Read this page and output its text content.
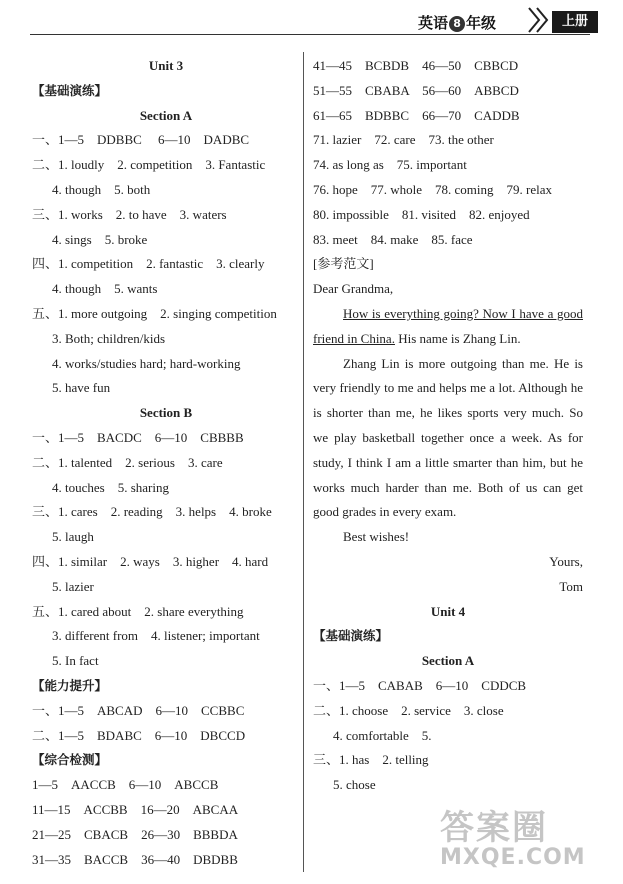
英语 8 年级	上册
Unit 3
【基础演练】
Section A
一、1—5　DDBBC　 6—10　DADBC
二、1. loudly　2. competition　3. Fantastic
4. though　5. both
三、1. works　2. to have　3. waters
4. sings　5. broke
四、1. competition　2. fantastic　3. clearly
4. though　5. wants
五、1. more outgoing　2. singing competition
3. Both; children/kids
4. works/studies hard; hard-working
5. have fun
Section B
一、1—5　BACDC　6—10　CBBBB
二、1. talented　2. serious　3. care
4. touches　5. sharing
三、1. cares　2. reading　3. helps　4. broke
5. laugh
四、1. similar　2. ways　3. higher　4. hard
5. lazier
五、1. cared about　2. share everything
3. different from　4. listener; important
5. In fact
【能力提升】
一、1—5　ABCAD　6—10　CCBBC
二、1—5　BDABC　6—10　DBCCD
【综合检测】
1—5　AACCB　6—10　ABCCB
11—15　ACCBB　16—20　ABCAA
21—25　CBACB　26—30　BBBDA
31—35　BACCB　36—40　DBDBB
41—45　BCBDB　46—50　CBBCD
51—55　CBABA　56—60　ABBCD
61—65　BDBBC　66—70　CADDB
71. lazier　72. care　73. the other
74. as long as　75. important
76. hope　77. whole　78. coming　79. relax
80. impossible　81. visited　82. enjoyed
83. meet　84. make　85. face
[参考范文]
Dear Grandma,
How is everything going? Now I have a good friend in China. His name is Zhang Lin.
Zhang Lin is more outgoing than me. He is very friendly to me and helps me a lot. Although he is shorter than me, he likes sports very much. So we play basketball together once a week. As for study, I think I am a little smarter than him, but he works much harder than me. Both of us can get good grades in every exam.
Best wishes!
Yours,
Tom
Unit 4
【基础演练】
Section A
一、1—5　CABAB　6—10　CDDCB
二、1. choose　2. service　3. close
4. comfortable　5.
三、1. has　2. telling
5. chose
答案圈
MXQE.COM
